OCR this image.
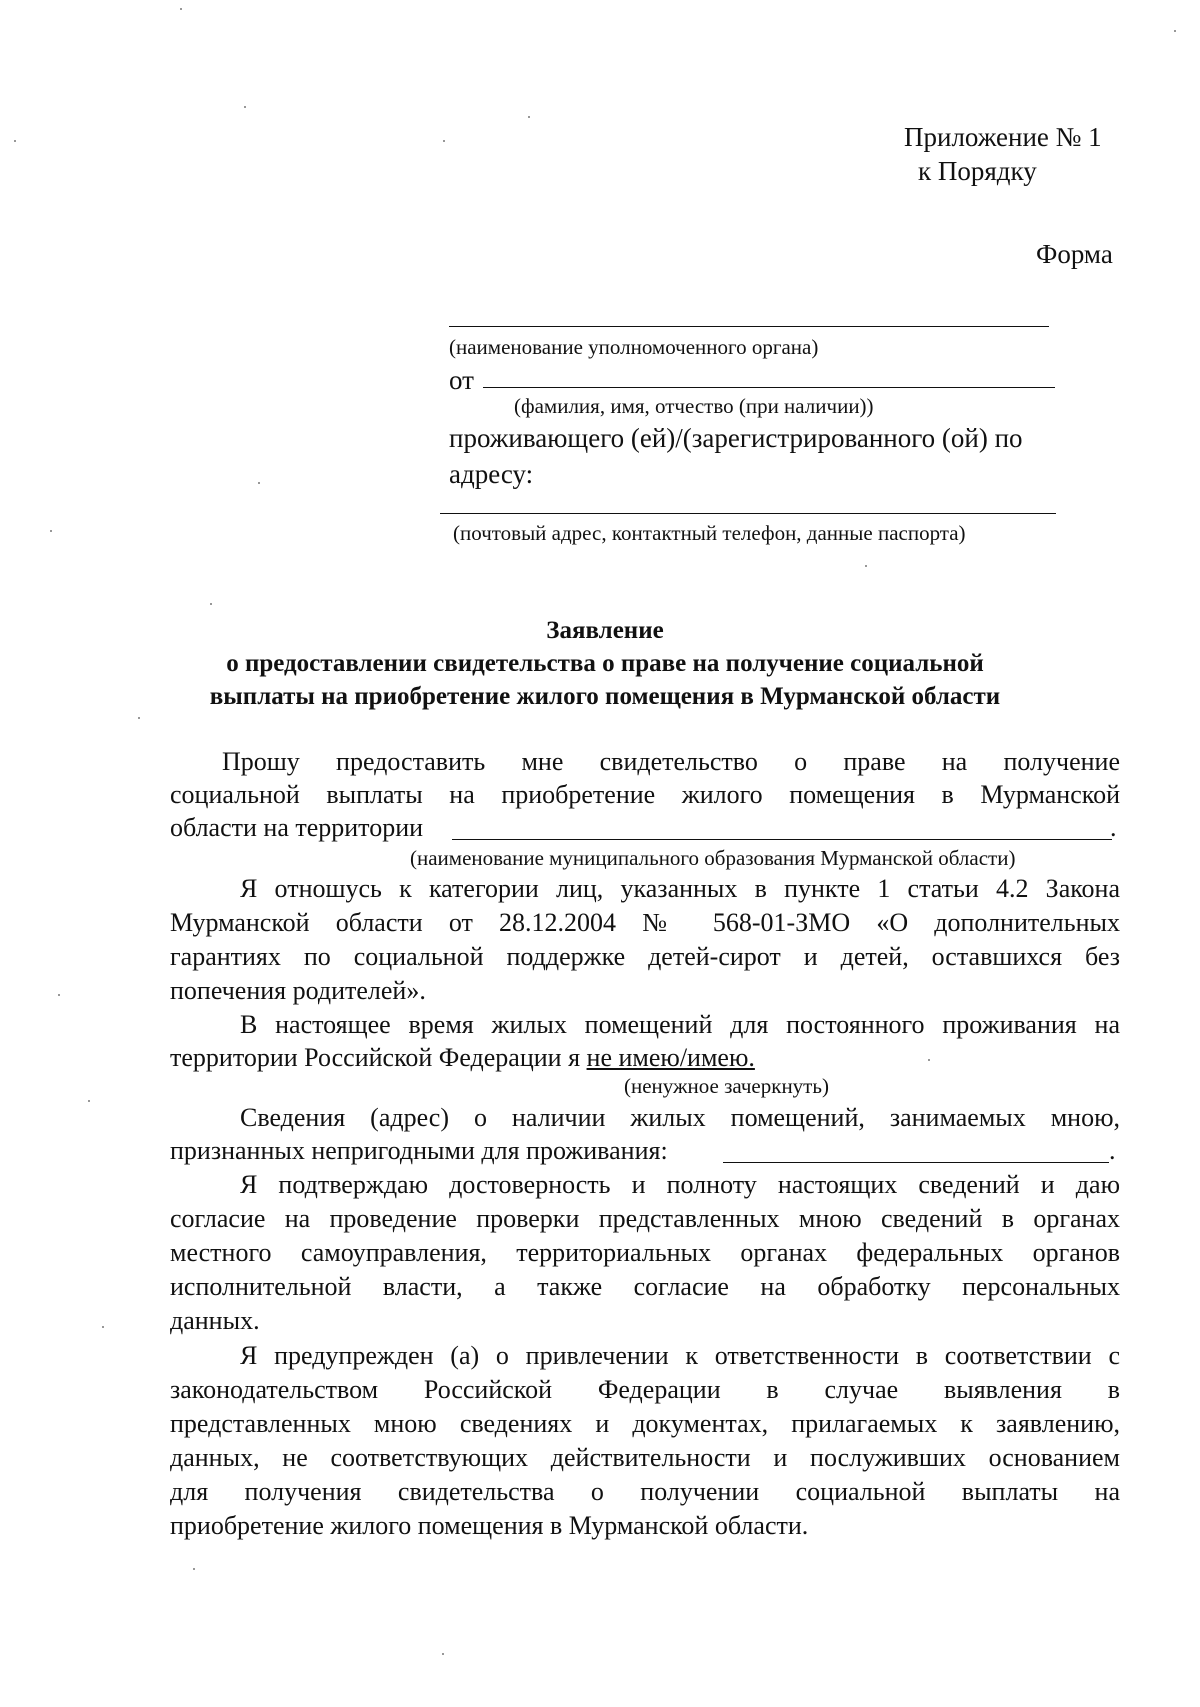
Приложение № 1
к Порядку
Форма
(наименование уполномоченного органа)
от
(фамилия, имя, отчество (при наличии))
проживающего (ей)/(зарегистрированного (ой) по
адресу:
(почтовый адрес, контактный телефон, данные паспорта)
Заявление
о предоставлении свидетельства о праве на получение социальной
выплаты на приобретение жилого помещения в Мурманской области
Прошу предоставить мне свидетельство о праве на получение
социальной выплаты на приобретение жилого помещения в Мурманской
области на территории	.
(наименование муниципального образования Мурманской области)
Я отношусь к категории лиц, указанных в пункте 1 статьи 4.2 Закона
Мурманской области от 28.12.2004 № 568-01-ЗМО «О дополнительных
гарантиях по социальной поддержке детей-сирот и детей, оставшихся без
попечения родителей».
В настоящее время жилых помещений для постоянного проживания на
территории Российской Федерации я не имею/имею.
(ненужное зачеркнуть)
Сведения (адрес) о наличии жилых помещений, занимаемых мною,
признанных непригодными для проживания:	.
Я подтверждаю достоверность и полноту настоящих сведений и даю
согласие на проведение проверки представленных мною сведений в органах
местного самоуправления, территориальных органах федеральных органов
исполнительной власти, а также согласие на обработку персональных
данных.
Я предупрежден (а) о привлечении к ответственности в соответствии с
законодательством Российской Федерации в случае выявления в
представленных мною сведениях и документах, прилагаемых к заявлению,
данных, не соответствующих действительности и послуживших основанием
для получения свидетельства о получении социальной выплаты на
приобретение жилого помещения в Мурманской области.
